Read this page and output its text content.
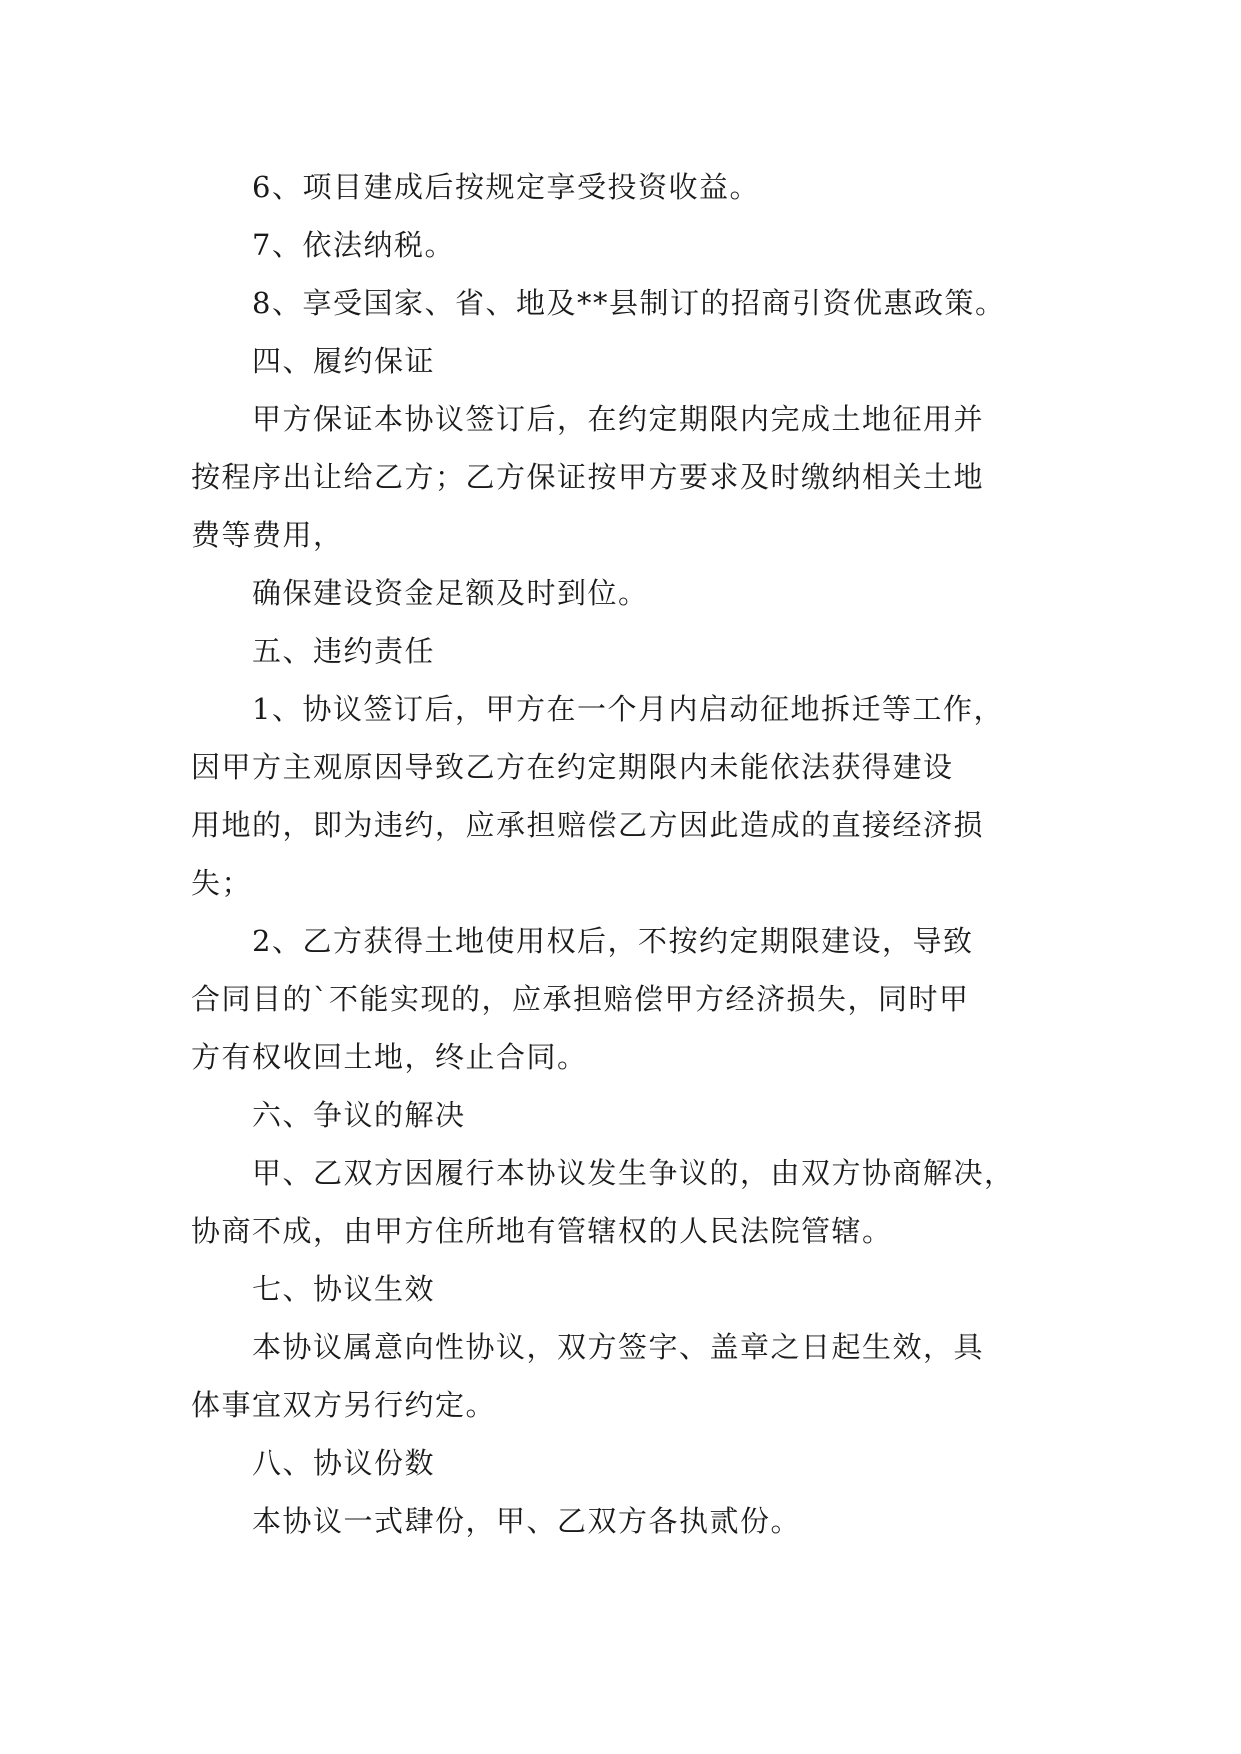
6、项目建成后按规定享受投资收益。

7、依法纳税。

8、享受国家、省、地及**县制订的招商引资优惠政策。

四、履约保证

甲方保证本协议签订后，在约定期限内完成土地征用并
按程序出让给乙方；乙方保证按甲方要求及时缴纳相关土地
费等费用，

确保建设资金足额及时到位。

五、违约责任

1、协议签订后，甲方在一个月内启动征地拆迁等工作，
因甲方主观原因导致乙方在约定期限内未能依法获得建设
用地的，即为违约，应承担赔偿乙方因此造成的直接经济损
失；

2、乙方获得土地使用权后，不按约定期限建设，导致
合同目的`不能实现的，应承担赔偿甲方经济损失，同时甲
方有权收回土地，终止合同。

六、争议的解决

甲、乙双方因履行本协议发生争议的，由双方协商解决，
协商不成，由甲方住所地有管辖权的人民法院管辖。

七、协议生效

本协议属意向性协议，双方签字、盖章之日起生效，具
体事宜双方另行约定。

八、协议份数

本协议一式肆份，甲、乙双方各执贰份。
